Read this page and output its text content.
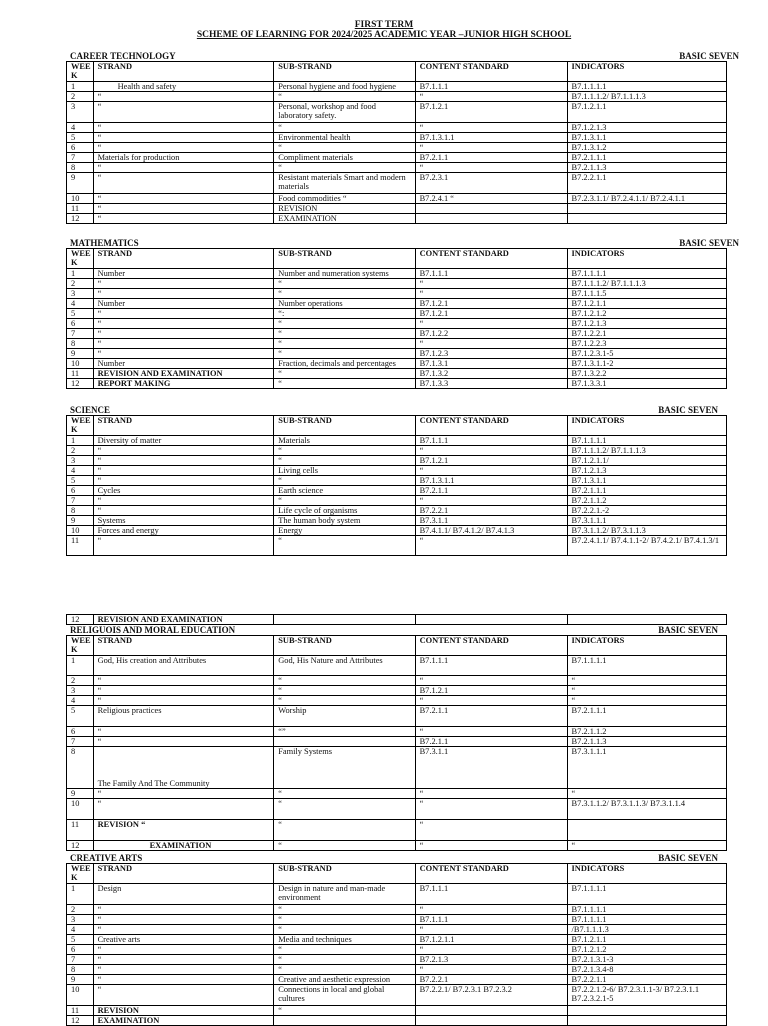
FIRST TERM
SCHEME OF LEARNING FOR 2024/2025 ACADEMIC YEAR –JUNIOR HIGH SCHOOL
CAREER TECHNOLOGY	BASIC SEVEN
WEE K	STRAND	SUB-STRAND	CONTENT STANDARD	INDICATORS
1	Health and safety	Personal hygiene and food hygiene	B7.1.1.1	B7.1.1.1.1
2	“	“	“	B7.1.1.1.2/ B7.1.1.1.3
3	“	Personal, workshop and food laboratory safety.	B7.1.2.1	B7.1.2.1.1
4	“	“	“	B7.1.2.1.3
5	“	Environmental health	B7.1.3.1.1	B7.1.3.1.1
6	“	“	“	B7.1.3.1.2
7	Materials for production	Compliment materials	B7.2.1.1	B7.2.1.1.1
8	“	“	“	B7.2.1.1.3
9	“	Resistant materials Smart and modern materials	B7.2.3.1	B7.2.2.1.1
10	“	Food commodities “	B7.2.4.1 “	B7.2.3.1.1/ B7.2.4.1.1/ B7.2.4.1.1
11	“	REVISION		
12	“	EXAMINATION		
MATHEMATICS	BASIC SEVEN
WEE K	STRAND	SUB-STRAND	CONTENT STANDARD	INDICATORS
1	Number	Number and numeration systems	B7.1.1.1	B7.1.1.1.1
2	“	“	“	B7.1.1.1.2/ B7.1.1.1.3
3	“	“	“	B7.1.1.1.5
4	Number	Number operations	B7.1.2.1	B7.1.2.1.1
5	“	“:	B7.1.2.1	B7.1.2.1.2
6	“	“	“	B7.1.2.1.3
7	“	“	B7.1.2.2	B7.1.2.2.1
8	“	“	“	B7.1.2.2.3
9	“	“	B7.1.2.3	B7.1.2.3.1-5
10	Number	Fraction, decimals and percentages	B7.1.3.1	B7.1.3.1.1-2
11	REVISION AND EXAMINATION	“	B7.1.3.2	B7.1.3.2.2
12	REPORT MAKING	“	B7.1.3.3	B7.1.3.3.1
SCIENCE	BASIC SEVEN
WEE K	STRAND	SUB-STRAND	CONTENT STANDARD	INDICATORS
1	Diversity of matter	Materials	B7.1.1.1	B7.1.1.1.1
2	“	“	“	B7.1.1.1.2/ B7.1.1.1.3
3	“	“	B7.1.2.1	B7.1.2.1.1/
4	“	Living cells	“	B7.1.2.1.3
5	“	“	B7.1.3.1.1	B7.1.3.1.1
6	Cycles	Earth science	B7.2.1.1	B7.2.1.1.1
7	“	“	“	B7.2.1.1.2
8	“	Life cycle of organisms	B7.2.2.1	B7.2.2.1.-2
9	Systems	The human body system	B7.3.1.1	B7.3.1.1.1
10	Forces and energy	Energy	B7.4.1.1/ B7.4.1.2/ B7.4.1.3	B7.3.1.1.2/ B7.3.1.1.3
11	“	“	“	B7.2.4.1.1/ B7.4.1.1-2/ B7.4.2.1/ B7.4.1.3/1
12	REVISION AND EXAMINATION			
RELIGUOIS AND MORAL EDUCATION	BASIC SEVEN
WEE K	STRAND	SUB-STRAND	CONTENT STANDARD	INDICATORS
1	God, His creation and Attributes	God, His Nature and Attributes	B7.1.1.1	B7.1.1.1.1
2	“	“	“	“
3	“	“	B7.1.2.1	“
4	“	“	“	“
5	Religious practices	Worship	B7.2.1.1	B7.2.1.1.1
6	“	“”	“	B7.2.1.1.2
7	“		B7.2.1.1	B7.2.1.1.3
8	The Family And The Community	Family Systems	B7.3.1.1	B7.3.1.1.1
9	“	“	“	“
10	“	“	“	B7.3.1.1.2/ B7.3.1.1.3/ B7.3.1.1.4
11	REVISION “	“	“	
12	EXAMINATION	“	“	“
CREATIVE ARTS	BASIC SEVEN
WEE K	STRAND	SUB-STRAND	CONTENT STANDARD	INDICATORS
1	Design	Design in nature and man-made environment	B7.1.1.1	B7.1.1.1.1
2	“	“	“	B7.1.1.1.1
3	“	“	B7.1.1.1	B7.1.1.1.1
4	“	“	“	/B7.1.1.1.3
5	Creative arts	Media and techniques	B7.1.2.1.1	B7.1.2.1.1
6	“	“	“	B7.1.2.1.2
7	“	“	B7.2.1.3	B7.2.1.3.1-3
8	“	“	“	B7.2.1.3.4-8
9	“	Creative and aesthetic expression	B7.2.2.1	B7.2.2.1.1
10	“	Connections in local and global cultures	B7.2.2.1/ B7.2.3.1 B7.2.3.2	B7.2.2.1.2-6/ B7.2.3.1.1-3/ B7.2.3.1.1 B7.2.3.2.1-5
11	REVISION	“		
12	EXAMINATION			
